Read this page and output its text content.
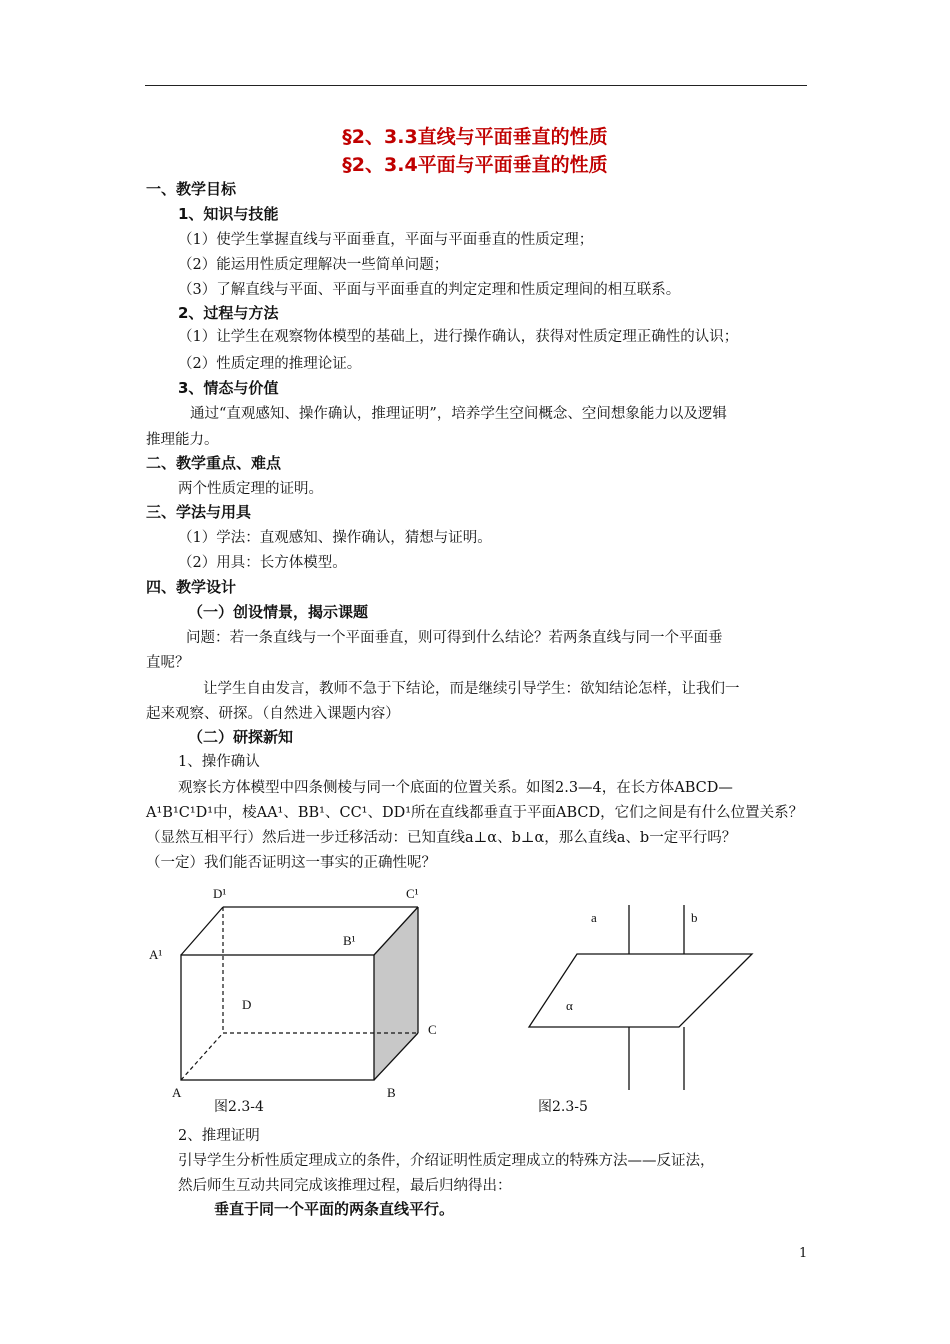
§2、3.3直线与平面垂直的性质
§2、3.4平面与平面垂直的性质
一、教学目标
1、知识与技能
（1）使学生掌握直线与平面垂直，平面与平面垂直的性质定理；
（2）能运用性质定理解决一些简单问题；
（3）了解直线与平面、平面与平面垂直的判定定理和性质定理间的相互联系。
2、过程与方法
（1）让学生在观察物体模型的基础上，进行操作确认，获得对性质定理正确性的认识；
（2）性质定理的推理论证。
3、情态与价值
通过“直观感知、操作确认，推理证明”，培养学生空间概念、空间想象能力以及逻辑
推理能力。
二、教学重点、难点
两个性质定理的证明。
三、学法与用具
（1）学法：直观感知、操作确认，猜想与证明。
（2）用具：长方体模型。
四、教学设计
（一）创设情景，揭示课题
问题：若一条直线与一个平面垂直，则可得到什么结论？若两条直线与同一个平面垂
直呢？
让学生自由发言，教师不急于下结论，而是继续引导学生：欲知结论怎样，让我们一
起来观察、研探。（自然进入课题内容）
（二）研探新知
1、操作确认
观察长方体模型中四条侧棱与同一个底面的位置关系。如图2.3—4，在长方体ABCD—
A¹B¹C¹D¹中，棱AA¹、BB¹、CC¹、DD¹所在直线都垂直于平面ABCD，它们之间是有什么位置关系？
（显然互相平行）然后进一步迁移活动：已知直线a⊥α、b⊥α，那么直线a、b一定平行吗？
（一定）我们能否证明这一事实的正确性呢？
D¹	C¹
A¹
B¹
D
C
A	B
图2.3-4
a	b
α
图2.3-5
2、推理证明
引导学生分析性质定理成立的条件，介绍证明性质定理成立的特殊方法——反证法，
然后师生互动共同完成该推理过程，最后归纳得出：
垂直于同一个平面的两条直线平行。
1
